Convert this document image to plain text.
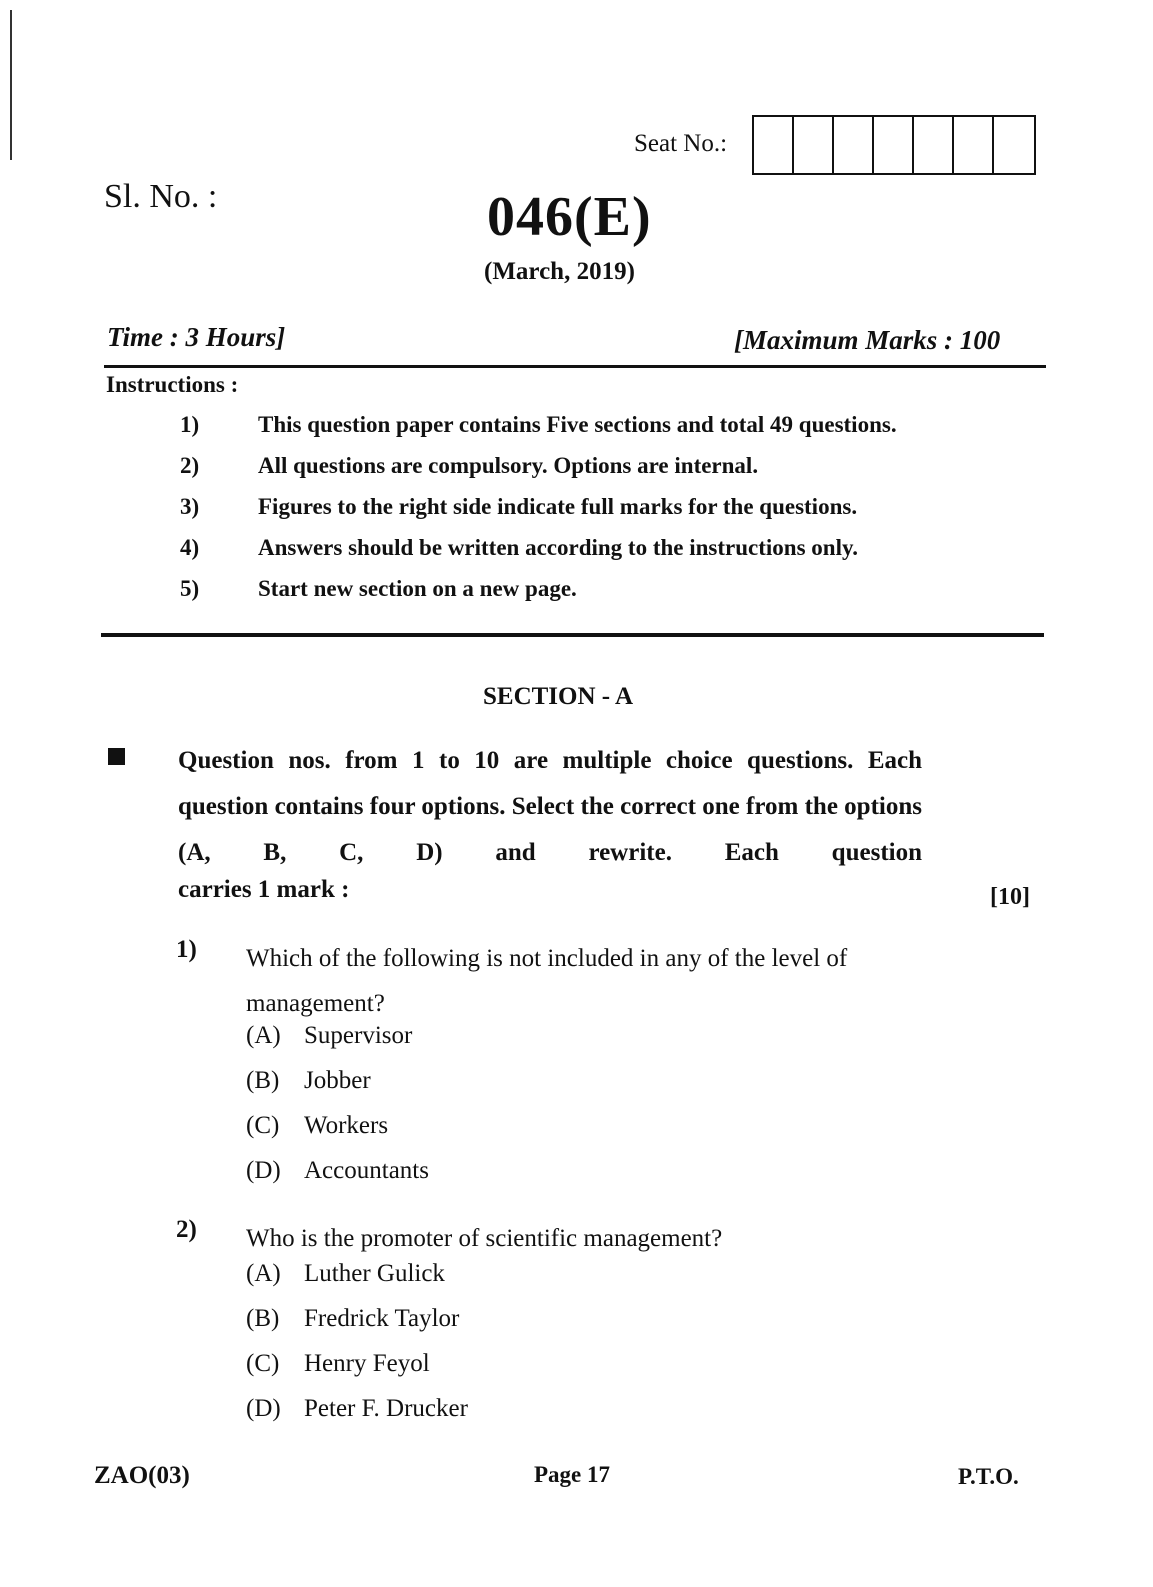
Seat No.:
Sl. No. :	046(E)
(March, 2019)
Time : 3 Hours]	[Maximum Marks : 100
Instructions :
1)	This question paper contains Five sections and total 49 questions.
2)	All questions are compulsory. Options are internal.
3)	Figures to the right side indicate full marks for the questions.
4)	Answers should be written according to the instructions only.
5)	Start new section on a new page.
SECTION - A
Question nos. from 1 to 10 are multiple choice questions. Each question contains four options. Select the correct one from the options (A, B, C, D) and rewrite. Each question
carries 1 mark :	[10]
1) Which of the following is not included in any of the level of management?
(A) Supervisor
(B) Jobber
(C) Workers
(D) Accountants
2) Who is the promoter of scientific management?
(A) Luther Gulick
(B) Fredrick Taylor
(C) Henry Feyol
(D) Peter F. Drucker
ZAO(03)	Page 17	P.T.O.
